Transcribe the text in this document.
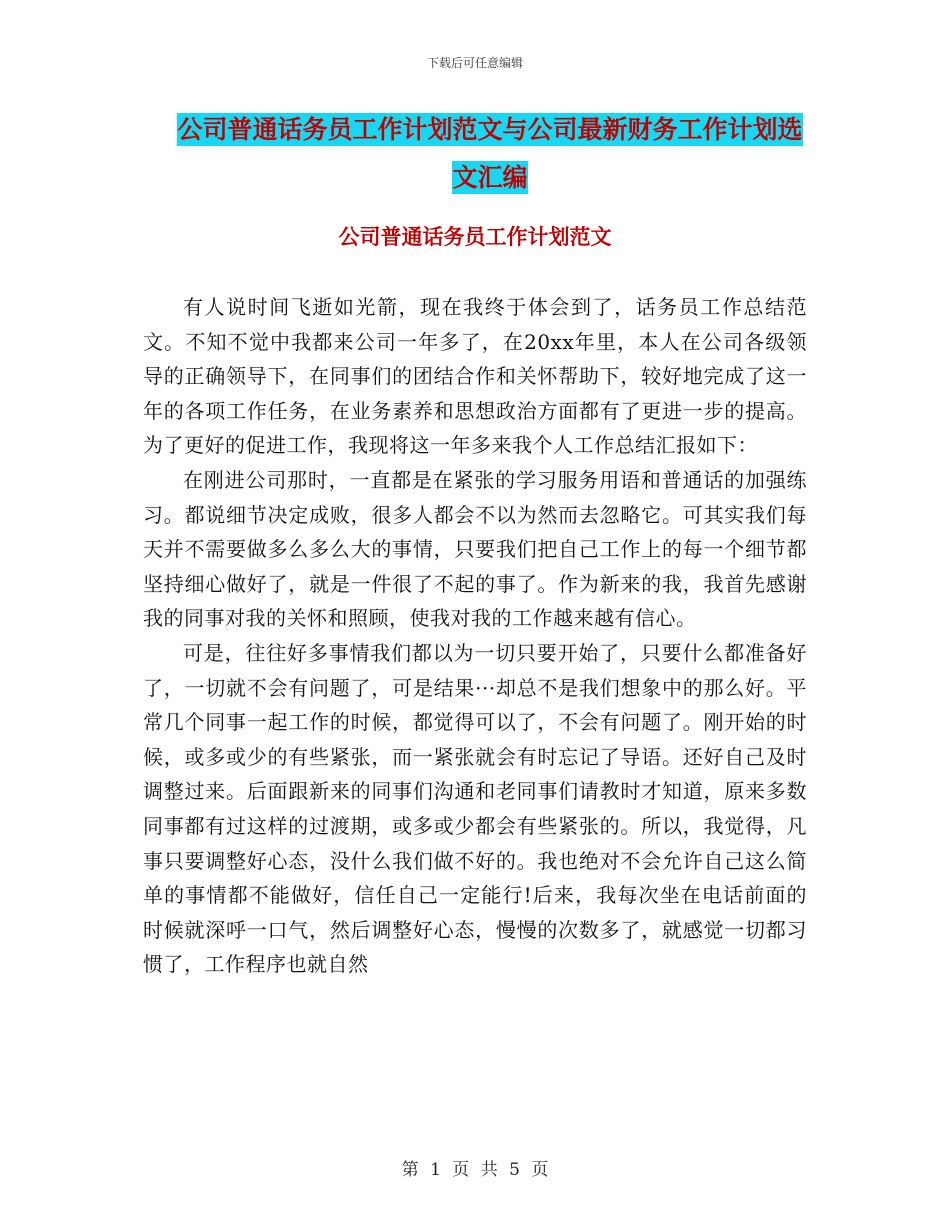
下载后可任意编辑
公司普通话务员工作计划范文与公司最新财务工作计划选文汇编
公司普通话务员工作计划范文

有人说时间飞逝如光箭，现在我终于体会到了，话务员工作总结范文。不知不觉中我都来公司一年多了，在20xx年里，本人在公司各级领导的正确领导下，在同事们的团结合作和关怀帮助下，较好地完成了这一年的各项工作任务，在业务素养和思想政治方面都有了更进一步的提高。为了更好的促进工作，我现将这一年多来我个人工作总结汇报如下：

在刚进公司那时，一直都是在紧张的学习服务用语和普通话的加强练习。都说细节决定成败，很多人都会不以为然而去忽略它。可其实我们每天并不需要做多么多么大的事情，只要我们把自己工作上的每一个细节都坚持细心做好了，就是一件很了不起的事了。作为新来的我，我首先感谢我的同事对我的关怀和照顾，使我对我的工作越来越有信心。

可是，往往好多事情我们都以为一切只要开始了，只要什么都准备好了，一切就不会有问题了，可是结果···却总不是我们想象中的那么好。平常几个同事一起工作的时候，都觉得可以了，不会有问题了。刚开始的时候，或多或少的有些紧张，而一紧张就会有时忘记了导语。还好自己及时调整过来。后面跟新来的同事们沟通和老同事们请教时才知道，原来多数同事都有过这样的过渡期，或多或少都会有些紧张的。所以，我觉得，凡事只要调整好心态，没什么我们做不好的。我也绝对不会允许自己这么简单的事情都不能做好，信任自己一定能行!后来，我每次坐在电话前面的时候就深呼一口气，然后调整好心态，慢慢的次数多了，就感觉一切都习惯了，工作程序也就自然

第 1 页 共 5 页
